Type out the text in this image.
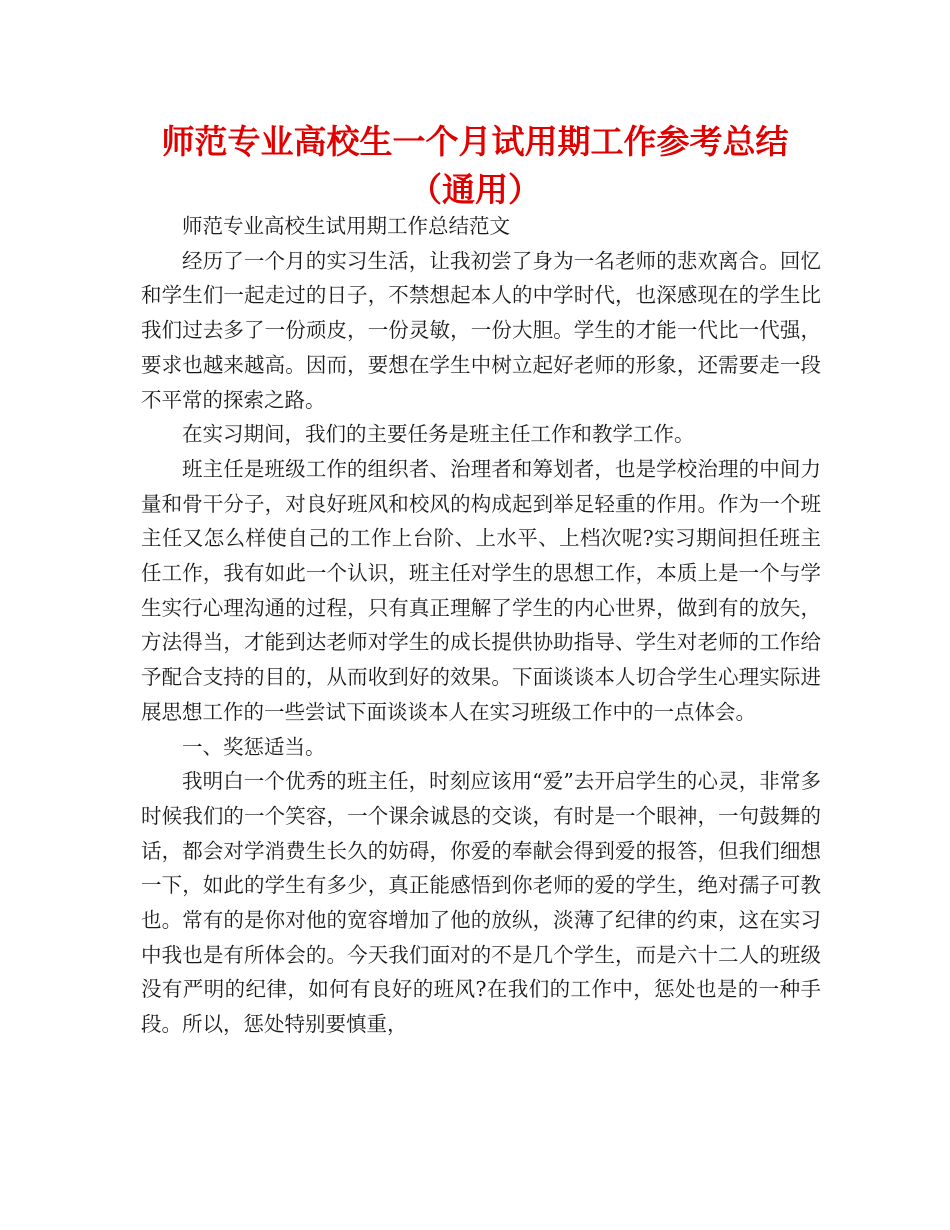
师范专业高校生一个月试用期工作参考总结（通用）

师范专业高校生试用期工作总结范文

经历了一个月的实习生活，让我初尝了身为一名老师的悲欢离合。回忆和学生们一起走过的日子，不禁想起本人的中学时代，也深感现在的学生比我们过去多了一份顽皮，一份灵敏，一份大胆。学生的才能一代比一代强，要求也越来越高。因而，要想在学生中树立起好老师的形象，还需要走一段不平常的探索之路。

在实习期间，我们的主要任务是班主任工作和教学工作。

班主任是班级工作的组织者、治理者和筹划者，也是学校治理的中间力量和骨干分子，对良好班风和校风的构成起到举足轻重的作用。作为一个班主任又怎么样使自己的工作上台阶、上水平、上档次呢?实习期间担任班主任工作，我有如此一个认识，班主任对学生的思想工作，本质上是一个与学生实行心理沟通的过程，只有真正理解了学生的内心世界，做到有的放矢，方法得当，才能到达老师对学生的成长提供协助指导、学生对老师的工作给予配合支持的目的，从而收到好的效果。下面谈谈本人切合学生心理实际进展思想工作的一些尝试下面谈谈本人在实习班级工作中的一点体会。

一、奖惩适当。

我明白一个优秀的班主任，时刻应该用“爱”去开启学生的心灵，非常多时候我们的一个笑容，一个课余诚恳的交谈，有时是一个眼神，一句鼓舞的话，都会对学消费生长久的妨碍，你爱的奉献会得到爱的报答，但我们细想一下，如此的学生有多少，真正能感悟到你老师的爱的学生，绝对孺子可教也。常有的是你对他的宽容增加了他的放纵，淡薄了纪律的约束，这在实习中我也是有所体会的。今天我们面对的不是几个学生，而是六十二人的班级没有严明的纪律，如何有良好的班风?在我们的工作中，惩处也是的一种手段。所以，惩处特别要慎重，
